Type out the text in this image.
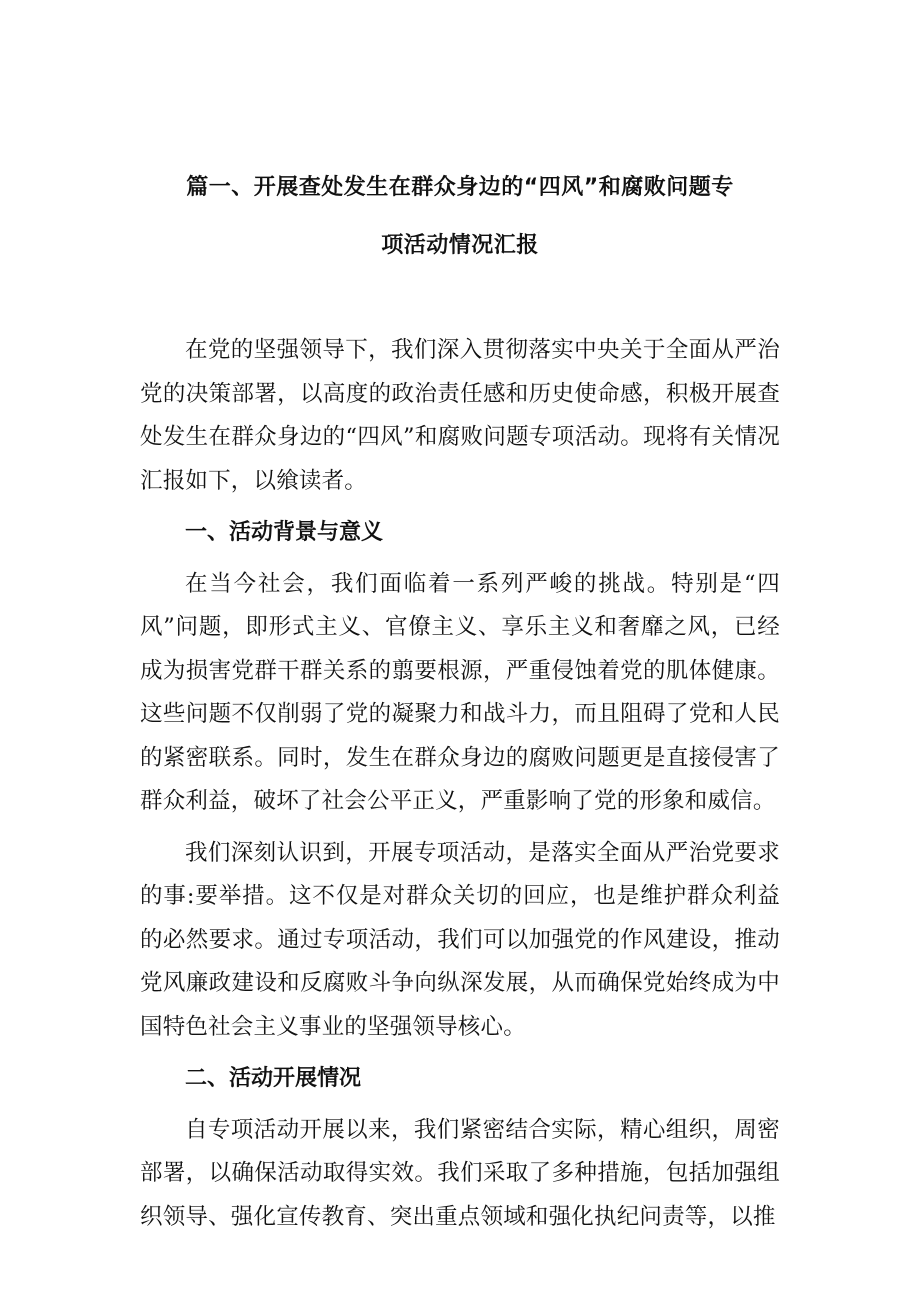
篇一、开展查处发生在群众身边的“四风”和腐败问题专
项活动情况汇报

在党的坚强领导下，我们深入贯彻落实中央关于全面从严治党的决策部署，以高度的政治责任感和历史使命感，积极开展查处发生在群众身边的“四风”和腐败问题专项活动。现将有关情况汇报如下，以飨读者。

一、活动背景与意义

在当今社会，我们面临着一系列严峻的挑战。特别是“四风”问题，即形式主义、官僚主义、享乐主义和奢靡之风，已经成为损害党群干群关系的翦要根源，严重侵蚀着党的肌体健康。这些问题不仅削弱了党的凝聚力和战斗力，而且阻碍了党和人民的紧密联系。同时，发生在群众身边的腐败问题更是直接侵害了群众利益，破坏了社会公平正义，严重影响了党的形象和威信。

我们深刻认识到，开展专项活动，是落实全面从严治党要求的事:要举措。这不仅是对群众关切的回应，也是维护群众利益的必然要求。通过专项活动，我们可以加强党的作风建设，推动党风廉政建设和反腐败斗争向纵深发展，从而确保党始终成为中国特色社会主义事业的坚强领导核心。

二、活动开展情况

自专项活动开展以来，我们紧密结合实际，精心组织，周密部署，以确保活动取得实效。我们采取了多种措施，包括加强组织领导、强化宣传教育、突出重点领域和强化执纪问责等，以推
